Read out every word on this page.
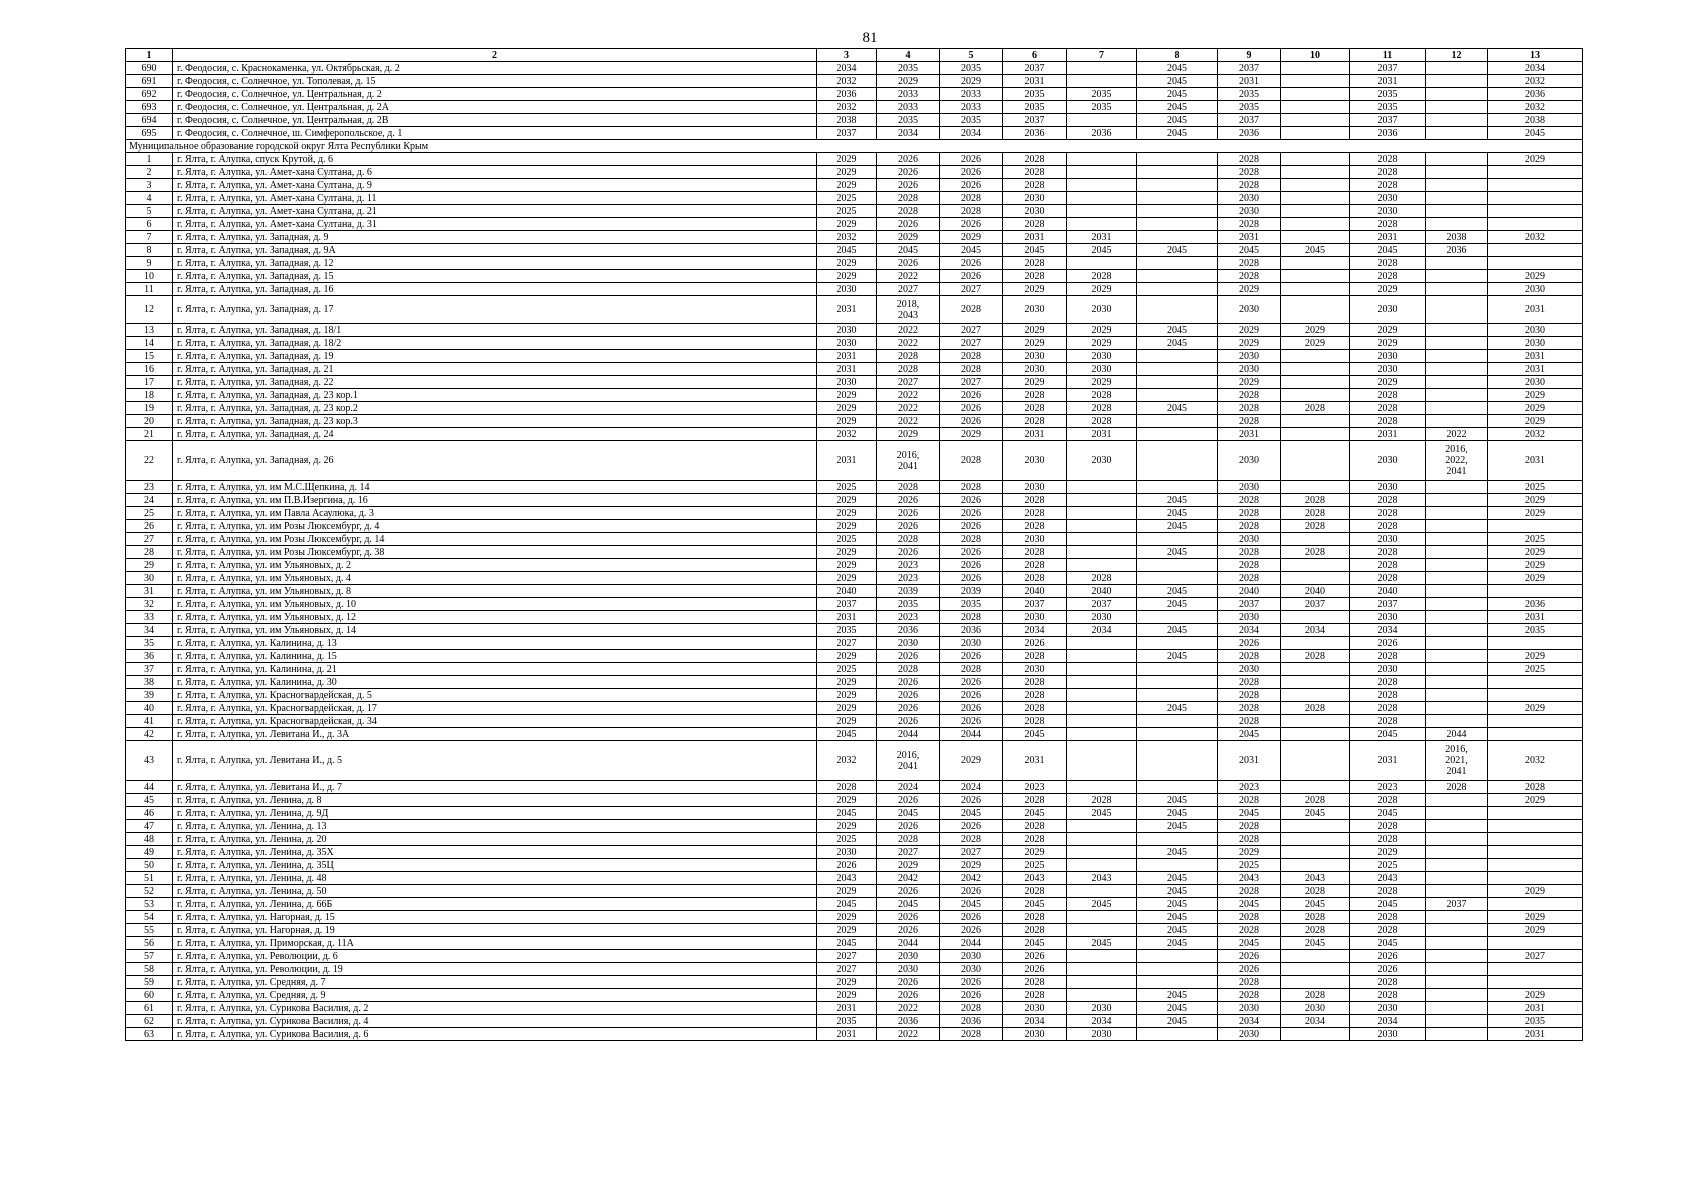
81
1	2	3	4	5	6	7	8	9	10	11	12	13
690	г. Феодосия, с. Краснокаменка, ул. Октябрьская, д. 2	2034	2035	2035	2037		2045	2037		2037		2034
691	г. Феодосия, с. Солнечное, ул. Тополевая, д. 15	2032	2029	2029	2031		2045	2031		2031		2032
692	г. Феодосия, с. Солнечное, ул. Центральная, д. 2	2036	2033	2033	2035	2035	2045	2035		2035		2036
693	г. Феодосия, с. Солнечное, ул. Центральная, д. 2А	2032	2033	2033	2035	2035	2045	2035		2035		2032
694	г. Феодосия, с. Солнечное, ул. Центральная, д. 2В	2038	2035	2035	2037		2045	2037		2037		2038
695	г. Феодосия, с. Солнечное, ш. Симферопольское, д. 1	2037	2034	2034	2036	2036	2045	2036		2036		2045
Муниципальное образование городской округ Ялта Республики Крым												
1	г. Ялта, г. Алупка, спуск Крутой, д. 6	2029	2026	2026	2028			2028		2028		2029
2	г. Ялта, г. Алупка, ул. Амет-хана Султана, д. 6	2029	2026	2026	2028			2028		2028		
3	г. Ялта, г. Алупка, ул. Амет-хана Султана, д. 9	2029	2026	2026	2028			2028		2028		
4	г. Ялта, г. Алупка, ул. Амет-хана Султана, д. 11	2025	2028	2028	2030			2030		2030		
5	г. Ялта, г. Алупка, ул. Амет-хана Султана, д. 21	2025	2028	2028	2030			2030		2030		
6	г. Ялта, г. Алупка, ул. Амет-хана Султана, д. 31	2029	2026	2026	2028			2028		2028		
7	г. Ялта, г. Алупка, ул. Западная, д. 9	2032	2029	2029	2031	2031		2031		2031	2038	2032
8	г. Ялта, г. Алупка, ул. Западная, д. 9А	2045	2045	2045	2045	2045	2045	2045	2045	2045	2036	
9	г. Ялта, г. Алупка, ул. Западная, д. 12	2029	2026	2026	2028			2028		2028		
10	г. Ялта, г. Алупка, ул. Западная, д. 15	2029	2022	2026	2028	2028		2028		2028		2029
11	г. Ялта, г. Алупка, ул. Западная, д. 16	2030	2027	2027	2029	2029		2029		2029		2030
12	г. Ялта, г. Алупка, ул. Западная, д. 17	2031	2018,
2043	2028	2030	2030		2030		2030		2031
13	г. Ялта, г. Алупка, ул. Западная, д. 18/1	2030	2022	2027	2029	2029	2045	2029	2029	2029		2030
14	г. Ялта, г. Алупка, ул. Западная, д. 18/2	2030	2022	2027	2029	2029	2045	2029	2029	2029		2030
15	г. Ялта, г. Алупка, ул. Западная, д. 19	2031	2028	2028	2030	2030		2030		2030		2031
16	г. Ялта, г. Алупка, ул. Западная, д. 21	2031	2028	2028	2030	2030		2030		2030		2031
17	г. Ялта, г. Алупка, ул. Западная, д. 22	2030	2027	2027	2029	2029		2029		2029		2030
18	г. Ялта, г. Алупка, ул. Западная, д. 23 кор.1	2029	2022	2026	2028	2028		2028		2028		2029
19	г. Ялта, г. Алупка, ул. Западная, д. 23 кор.2	2029	2022	2026	2028	2028	2045	2028	2028	2028		2029
20	г. Ялта, г. Алупка, ул. Западная, д. 23 кор.3	2029	2022	2026	2028	2028		2028		2028		2029
21	г. Ялта, г. Алупка, ул. Западная, д. 24	2032	2029	2029	2031	2031		2031		2031	2022	2032
22	г. Ялта, г. Алупка, ул. Западная, д. 26	2031	2016,
2041	2028	2030	2030		2030		2030	2016,
2022,
2041	2031
23	г. Ялта, г. Алупка, ул. им М.С.Щепкина, д. 14	2025	2028	2028	2030			2030		2030		2025
24	г. Ялта, г. Алупка, ул. им П.В.Изергина, д. 16	2029	2026	2026	2028		2045	2028	2028	2028		2029
25	г. Ялта, г. Алупка, ул. им Павла Асаулюка, д. 3	2029	2026	2026	2028		2045	2028	2028	2028		2029
26	г. Ялта, г. Алупка, ул. им Розы Люксембург, д. 4	2029	2026	2026	2028		2045	2028	2028	2028		
27	г. Ялта, г. Алупка, ул. им Розы Люксембург, д. 14	2025	2028	2028	2030			2030		2030		2025
28	г. Ялта, г. Алупка, ул. им Розы Люксембург, д. 38	2029	2026	2026	2028		2045	2028	2028	2028		2029
29	г. Ялта, г. Алупка, ул. им Ульяновых, д. 2	2029	2023	2026	2028			2028		2028		2029
30	г. Ялта, г. Алупка, ул. им Ульяновых, д. 4	2029	2023	2026	2028	2028		2028		2028		2029
31	г. Ялта, г. Алупка, ул. им Ульяновых, д. 8	2040	2039	2039	2040	2040	2045	2040	2040	2040		
32	г. Ялта, г. Алупка, ул. им Ульяновых, д. 10	2037	2035	2035	2037	2037	2045	2037	2037	2037		2036
33	г. Ялта, г. Алупка, ул. им Ульяновых, д. 12	2031	2023	2028	2030	2030		2030		2030		2031
34	г. Ялта, г. Алупка, ул. им Ульяновых, д. 14	2035	2036	2036	2034	2034	2045	2034	2034	2034		2035
35	г. Ялта, г. Алупка, ул. Калинина, д. 13	2027	2030	2030	2026			2026		2026		
36	г. Ялта, г. Алупка, ул. Калинина, д. 15	2029	2026	2026	2028		2045	2028	2028	2028		2029
37	г. Ялта, г. Алупка, ул. Калинина, д. 21	2025	2028	2028	2030			2030		2030		2025
38	г. Ялта, г. Алупка, ул. Калинина, д. 30	2029	2026	2026	2028			2028		2028		
39	г. Ялта, г. Алупка, ул. Красногвардейская, д. 5	2029	2026	2026	2028			2028		2028		
40	г. Ялта, г. Алупка, ул. Красногвардейская, д. 17	2029	2026	2026	2028		2045	2028	2028	2028		2029
41	г. Ялта, г. Алупка, ул. Красногвардейская, д. 34	2029	2026	2026	2028			2028		2028		
42	г. Ялта, г. Алупка, ул. Левитана И., д. 3А	2045	2044	2044	2045			2045		2045	2044	
43	г. Ялта, г. Алупка, ул. Левитана И., д. 5	2032	2016,
2041	2029	2031			2031		2031	2016,
2021,
2041	2032
44	г. Ялта, г. Алупка, ул. Левитана И., д. 7	2028	2024	2024	2023			2023		2023	2028	2028
45	г. Ялта, г. Алупка, ул. Ленина, д. 8	2029	2026	2026	2028	2028	2045	2028	2028	2028		2029
46	г. Ялта, г. Алупка, ул. Ленина, д. 9Д	2045	2045	2045	2045	2045	2045	2045	2045	2045		
47	г. Ялта, г. Алупка, ул. Ленина, д. 13	2029	2026	2026	2028		2045	2028		2028		
48	г. Ялта, г. Алупка, ул. Ленина, д. 20	2025	2028	2028	2028			2028		2028		
49	г. Ялта, г. Алупка, ул. Ленина, д. 35Х	2030	2027	2027	2029		2045	2029		2029		
50	г. Ялта, г. Алупка, ул. Ленина, д. 35Ц	2026	2029	2029	2025			2025		2025		
51	г. Ялта, г. Алупка, ул. Ленина, д. 48	2043	2042	2042	2043	2043	2045	2043	2043	2043		
52	г. Ялта, г. Алупка, ул. Ленина, д. 50	2029	2026	2026	2028		2045	2028	2028	2028		2029
53	г. Ялта, г. Алупка, ул. Ленина, д. 66Б	2045	2045	2045	2045	2045	2045	2045	2045	2045	2037	
54	г. Ялта, г. Алупка, ул. Нагорная, д. 15	2029	2026	2026	2028		2045	2028	2028	2028		2029
55	г. Ялта, г. Алупка, ул. Нагорная, д. 19	2029	2026	2026	2028		2045	2028	2028	2028		2029
56	г. Ялта, г. Алупка, ул. Приморская, д. 11А	2045	2044	2044	2045	2045	2045	2045	2045	2045		
57	г. Ялта, г. Алупка, ул. Революции, д. 6	2027	2030	2030	2026			2026		2026		2027
58	г. Ялта, г. Алупка, ул. Революции, д. 19	2027	2030	2030	2026			2026		2026		
59	г. Ялта, г. Алупка, ул. Средняя, д. 7	2029	2026	2026	2028			2028		2028		
60	г. Ялта, г. Алупка, ул. Средняя, д. 9	2029	2026	2026	2028		2045	2028	2028	2028		2029
61	г. Ялта, г. Алупка, ул. Сурикова Василия, д. 2	2031	2022	2028	2030	2030	2045	2030	2030	2030		2031
62	г. Ялта, г. Алупка, ул. Сурикова Василия, д. 4	2035	2036	2036	2034	2034	2045	2034	2034	2034		2035
63	г. Ялта, г. Алупка, ул. Сурикова Василия, д. 6	2031	2022	2028	2030	2030		2030		2030		2031
